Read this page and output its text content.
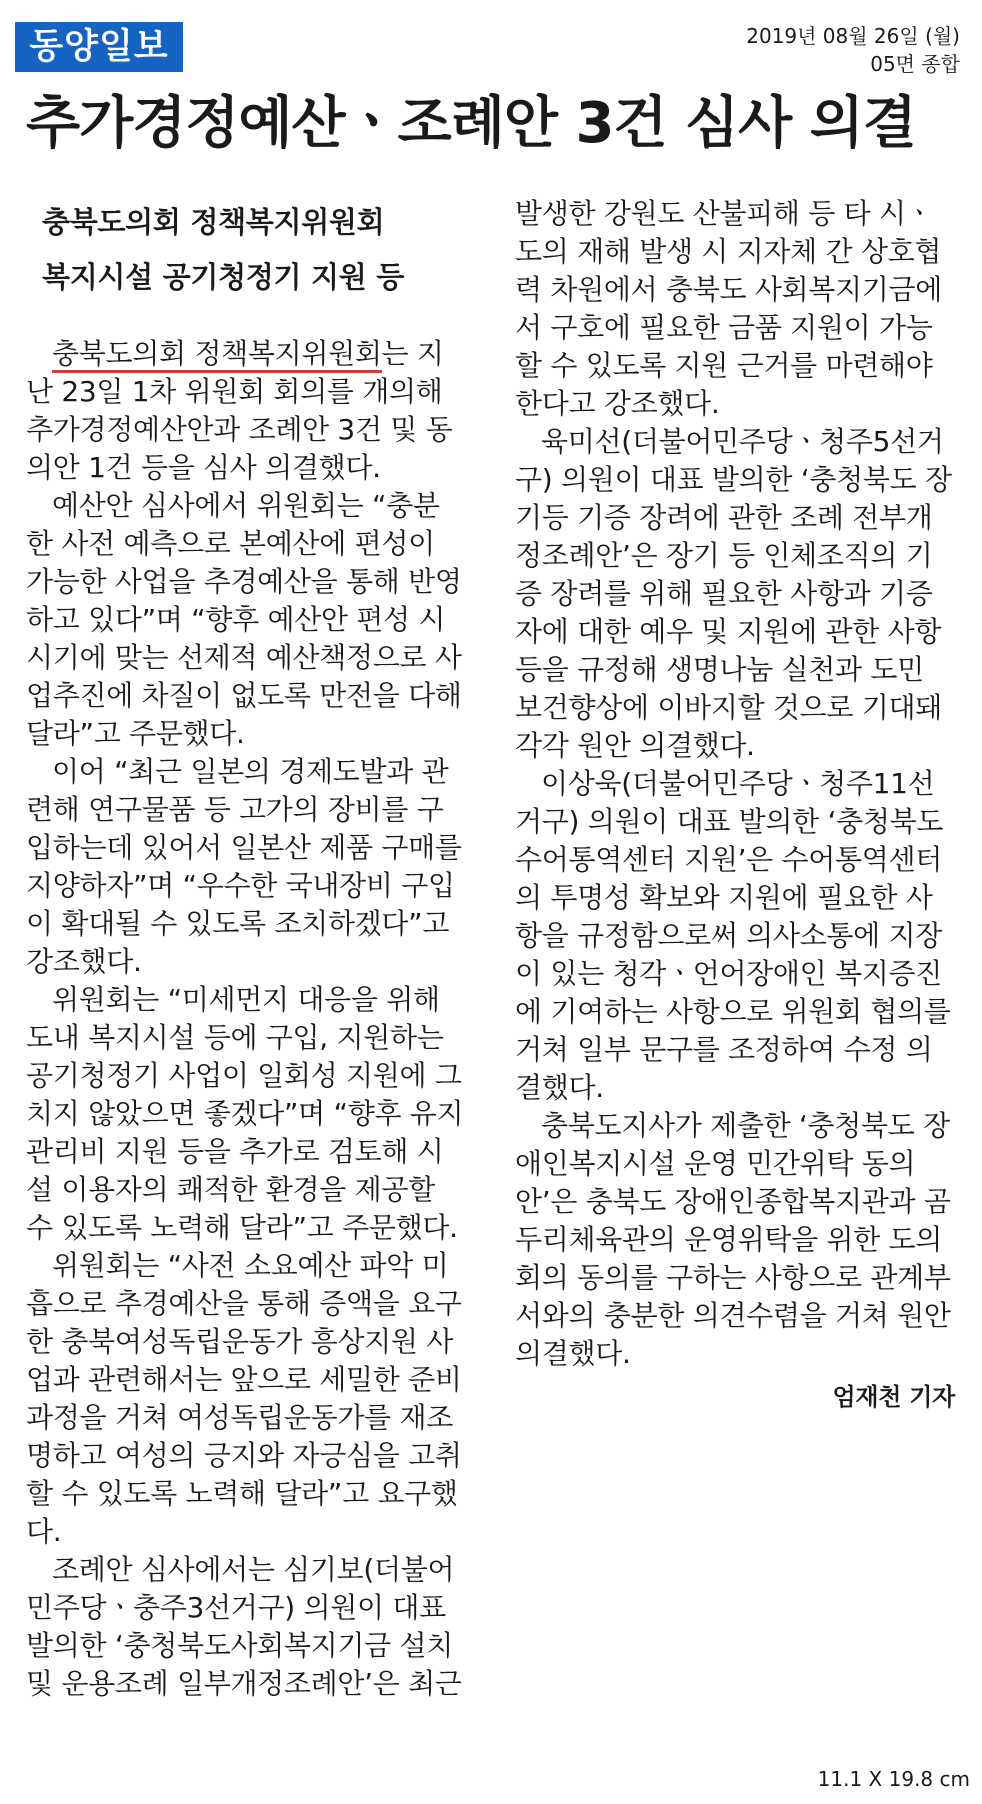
동양일보	2019년 08월 26일 (월)
05면 종합
추가경정예산ㆍ조례안 3건 심사 의결
충북도의회 정책복지위원회
복지시설 공기청정기 지원 등

충북도의회 정책복지위원회는 지난 23일 1차 위원회 회의를 개의해 추가경정예산안과 조례안 3건 및 동의안 1건 등을 심사 의결했다.

예산안 심사에서 위원회는 “충분한 사전 예측으로 본예산에 편성이 가능한 사업을 추경예산을 통해 반영하고 있다”며 “향후 예산안 편성 시 시기에 맞는 선제적 예산책정으로 사업추진에 차질이 없도록 만전을 다해 달라”고 주문했다.

이어 “최근 일본의 경제도발과 관련해 연구물품 등 고가의 장비를 구입하는데 있어서 일본산 제품 구매를 지양하자”며 “우수한 국내장비 구입이 확대될 수 있도록 조치하겠다”고 강조했다.

위원회는 “미세먼지 대응을 위해 도내 복지시설 등에 구입, 지원하는 공기청정기 사업이 일회성 지원에 그치지 않았으면 좋겠다”며 “향후 유지관리비 지원 등을 추가로 검토해 시설 이용자의 쾌적한 환경을 제공할 수 있도록 노력해 달라”고 주문했다.

위원회는 “사전 소요예산 파악 미흡으로 추경예산을 통해 증액을 요구한 충북여성독립운동가 흥상지원 사업과 관련해서는 앞으로 세밀한 준비과정을 거쳐 여성독립운동가를 재조명하고 여성의 긍지와 자긍심을 고취할 수 있도록 노력해 달라”고 요구했다.

조례안 심사에서는 심기보(더불어민주당ㆍ충주3선거구) 의원이 대표 발의한 ‘충청북도사회복지기금 설치 및 운용조례 일부개정조례안’은 최근

발생한 강원도 산불피해 등 타 시ㆍ도의 재해 발생 시 지자체 간 상호협력 차원에서 충북도 사회복지기금에서 구호에 필요한 금품 지원이 가능할 수 있도록 지원 근거를 마련해야 한다고 강조했다.

육미선(더불어민주당ㆍ청주5선거구) 의원이 대표 발의한 ‘충청북도 장기등 기증 장려에 관한 조례 전부개정조례안’은 장기 등 인체조직의 기증 장려를 위해 필요한 사항과 기증자에 대한 예우 및 지원에 관한 사항 등을 규정해 생명나눔 실천과 도민 보건향상에 이바지할 것으로 기대돼 각각 원안 의결했다.

이상욱(더불어민주당ㆍ청주11선거구) 의원이 대표 발의한 ‘충청북도 수어통역센터 지원’은 수어통역센터의 투명성 확보와 지원에 필요한 사항을 규정함으로써 의사소통에 지장이 있는 청각ㆍ언어장애인 복지증진에 기여하는 사항으로 위원회 협의를 거쳐 일부 문구를 조정하여 수정 의결했다.

충북도지사가 제출한 ‘충청북도 장애인복지시설 운영 민간위탁 동의안’은 충북도 장애인종합복지관과 곰두리체육관의 운영위탁을 위한 도의회의 동의를 구하는 사항으로 관계부서와의 충분한 의견수렴을 거쳐 원안 의결했다.

엄재천 기자
11.1 X 19.8 cm
